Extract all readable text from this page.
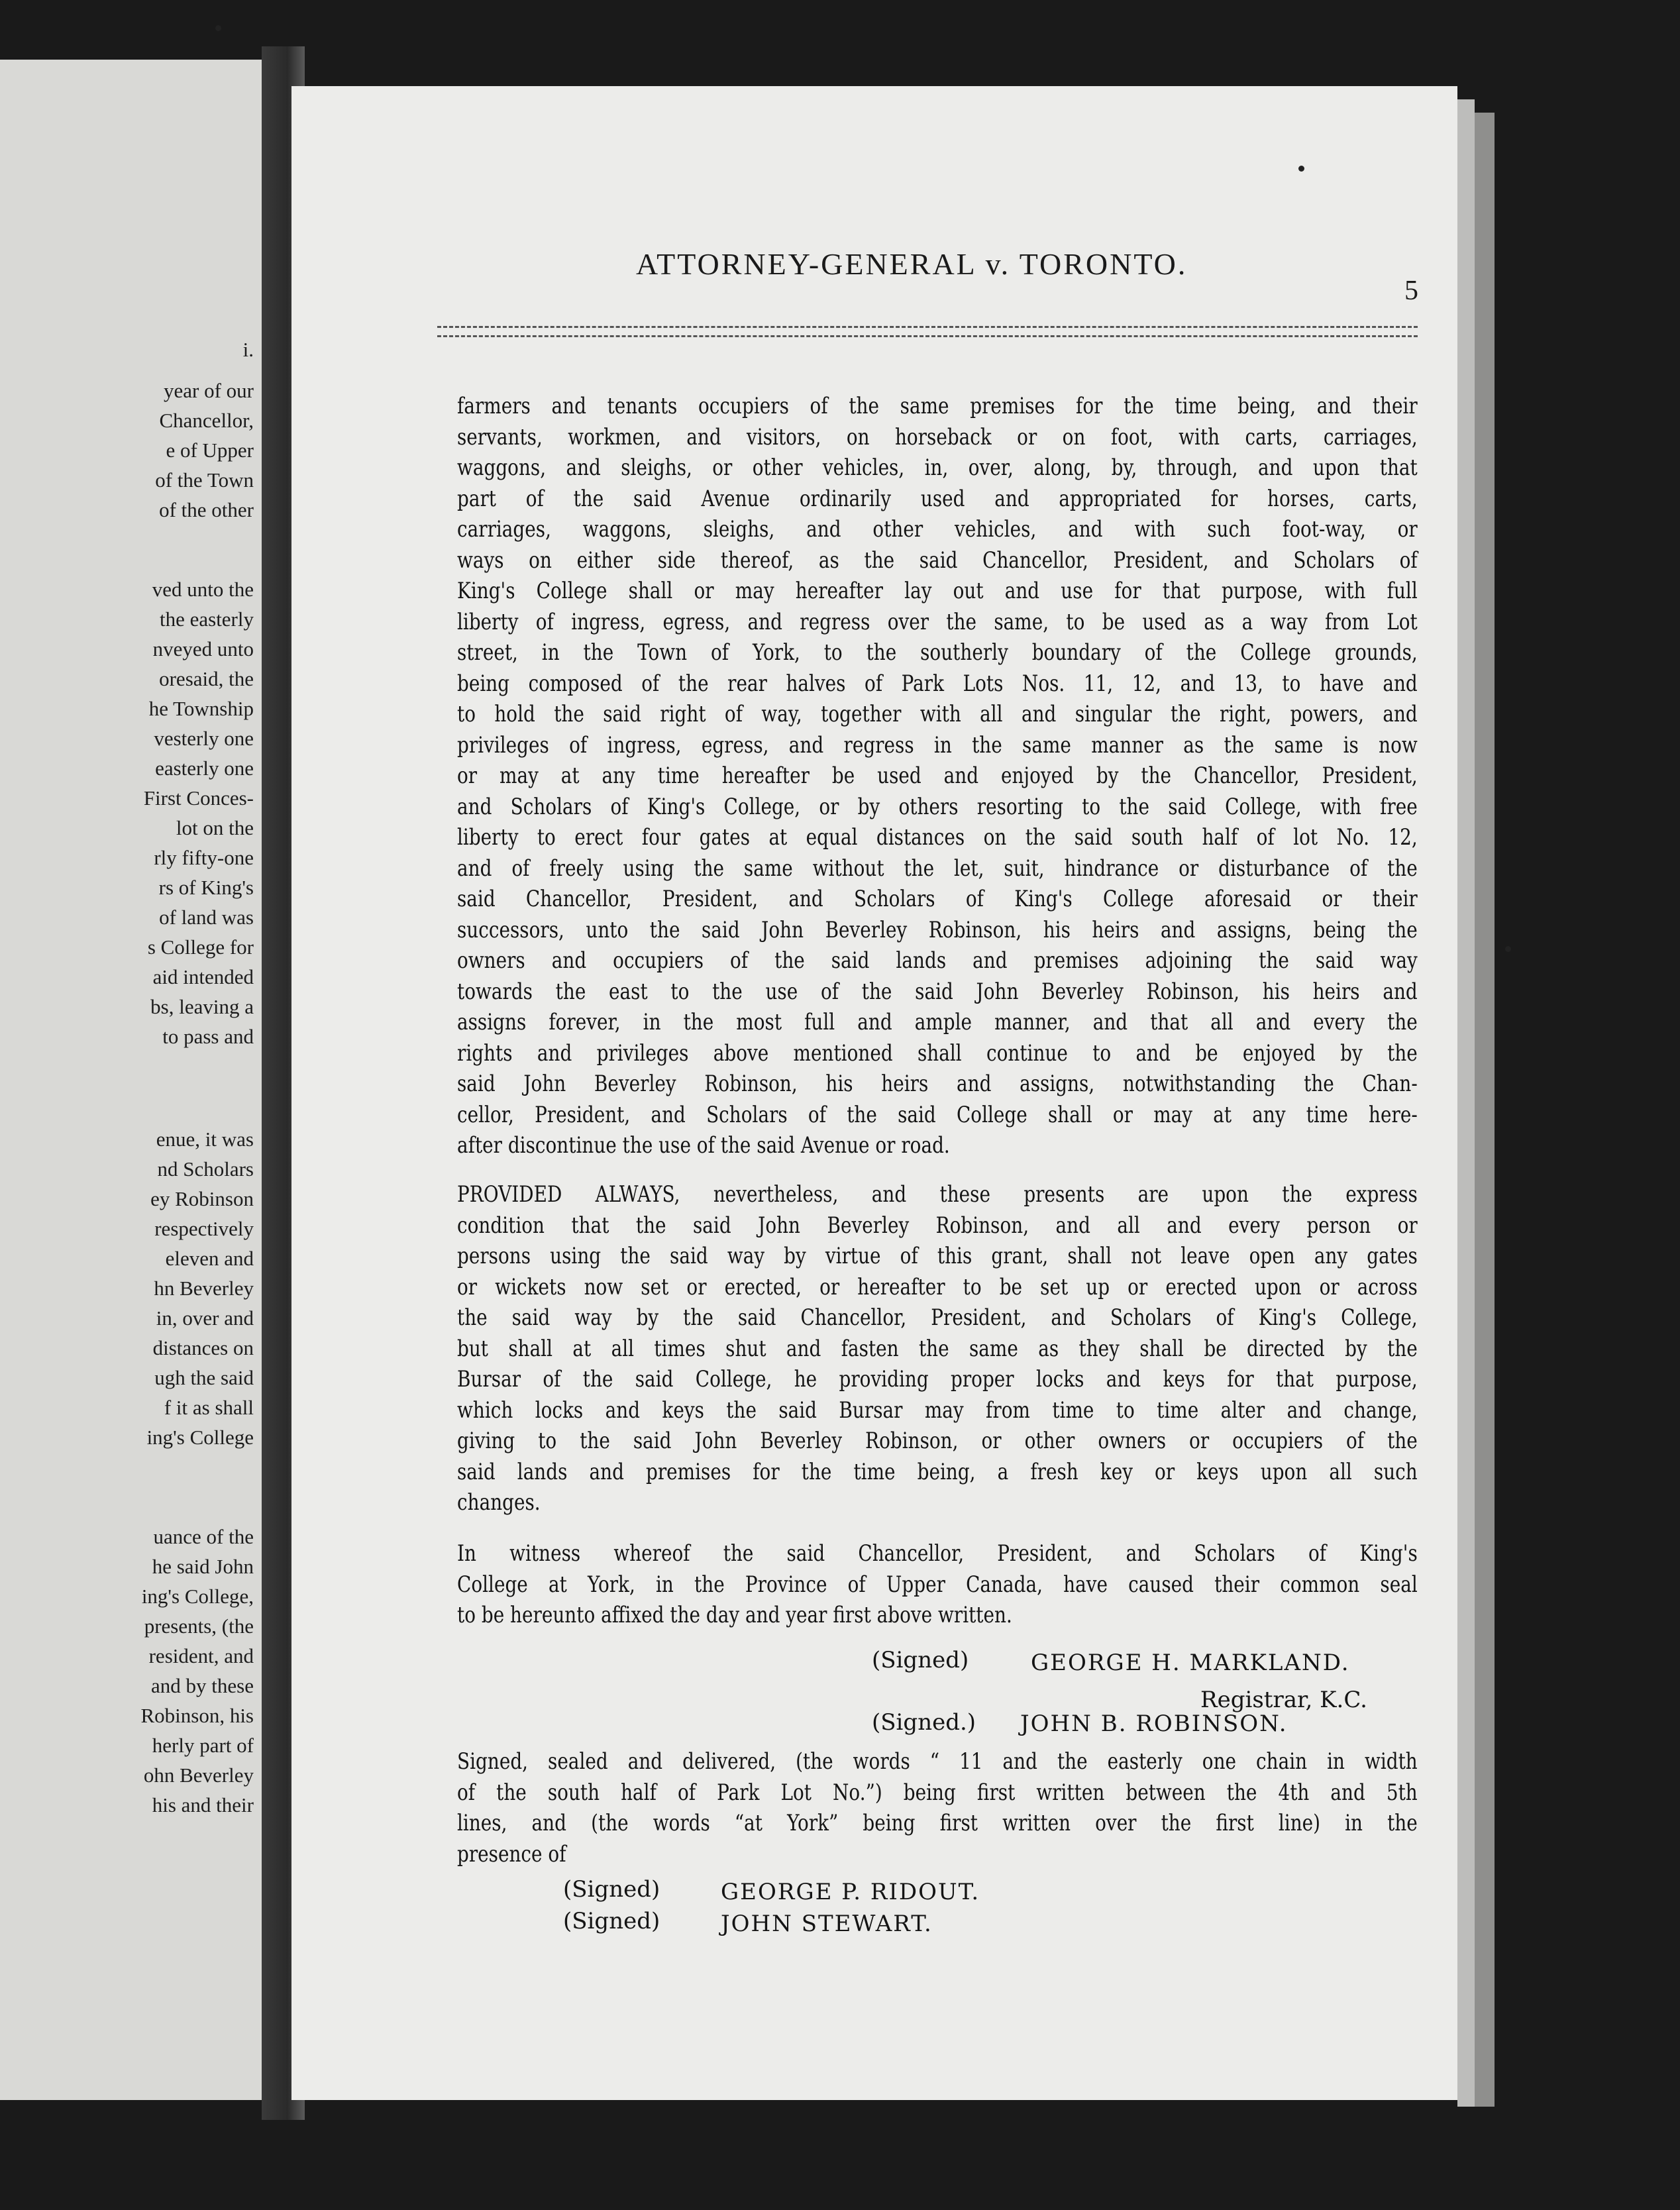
i.
year of our
Chancellor,
e of Upper
of the Town
of the other
ved unto the
the easterly
nveyed unto
oresaid, the
he Township
vesterly one
easterly one
First Conces-
lot on the
rly fifty-one
rs of King's
of land was
s College for
aid intended
bs, leaving a
to pass and
enue, it was
nd Scholars
ey Robinson
respectively
eleven and
hn Beverley
in, over and
distances on
ugh the said
f it as shall
ing's College
uance of the
he said John
ing's College,
presents, (the
resident, and
and by these
Robinson, his
herly part of
ohn Beverley
his and their
ATTORNEY-GENERAL v. TORONTO.
5
farmers and tenants occupiers of the same premises for the time being, and their
servants, workmen, and visitors, on horseback or on foot, with carts, carriages,
waggons, and sleighs, or other vehicles, in, over, along, by, through, and upon that
part of the said Avenue ordinarily used and appropriated for horses, carts,
carriages, waggons, sleighs, and other vehicles, and with such foot-way, or
ways on either side thereof, as the said Chancellor, President, and Scholars of
King's College shall or may hereafter lay out and use for that purpose, with full
liberty of ingress, egress, and regress over the same, to be used as a way from Lot
street, in the Town of York, to the southerly boundary of the College grounds,
being composed of the rear halves of Park Lots Nos. 11, 12, and 13, to have and
to hold the said right of way, together with all and singular the right, powers, and
privileges of ingress, egress, and regress in the same manner as the same is now
or may at any time hereafter be used and enjoyed by the Chancellor, President,
and Scholars of King's College, or by others resorting to the said College, with free
liberty to erect four gates at equal distances on the said south half of lot No. 12,
and of freely using the same without the let, suit, hindrance or disturbance of the
said Chancellor, President, and Scholars of King's College aforesaid or their
successors, unto the said John Beverley Robinson, his heirs and assigns, being the
owners and occupiers of the said lands and premises adjoining the said way
towards the east to the use of the said John Beverley Robinson, his heirs and
assigns forever, in the most full and ample manner, and that all and every the
rights and privileges above mentioned shall continue to and be enjoyed by the
said John Beverley Robinson, his heirs and assigns, notwithstanding the Chan-
cellor, President, and Scholars of the said College shall or may at any time here-
after discontinue the use of the said Avenue or road.
PROVIDED ALWAYS, nevertheless, and these presents are upon the express
condition that the said John Beverley Robinson, and all and every person or
persons using the said way by virtue of this grant, shall not leave open any gates
or wickets now set or erected, or hereafter to be set up or erected upon or across
the said way by the said Chancellor, President, and Scholars of King's College,
but shall at all times shut and fasten the same as they shall be directed by the
Bursar of the said College, he providing proper locks and keys for that purpose,
which locks and keys the said Bursar may from time to time alter and change,
giving to the said John Beverley Robinson, or other owners or occupiers of the
said lands and premises for the time being, a fresh key or keys upon all such
changes.
In witness whereof the said Chancellor, President, and Scholars of King's
College at York, in the Province of Upper Canada, have caused their common seal
to be hereunto affixed the day and year first above written.
Signed, sealed and delivered, (the words “ 11 and the easterly one chain in width
of the south half of Park Lot No.”) being first written between the 4th and 5th
lines, and (the words “at York” being first written over the first line) in the
presence of
(Signed)	GEORGE H. MARKLAND.
Registrar, K.C.
(Signed.) JOHN B. ROBINSON.
(Signed)	GEORGE P. RIDOUT.
(Signed)	JOHN STEWART.
